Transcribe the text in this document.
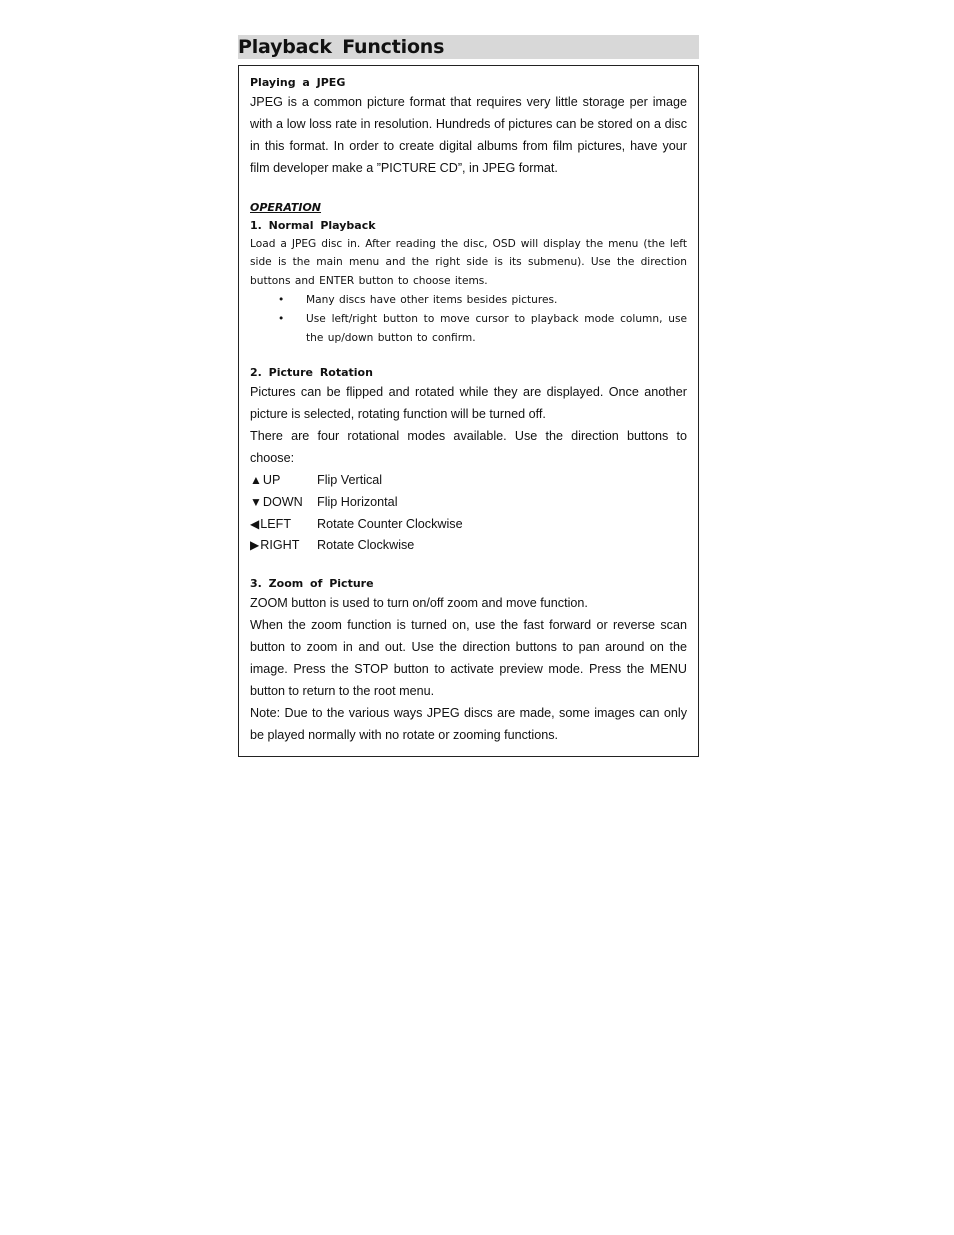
Playback Functions

Playing a JPEG

JPEG is a common picture format that requires very little storage per image with a low loss rate in resolution. Hundreds of pictures can be stored on a disc in this format. In order to create digital albums from film pictures, have your film developer make a ”PICTURE CD”, in JPEG format.

OPERATION

1. Normal Playback

Load a JPEG disc in. After reading the disc, OSD will display the menu (the left side is the main menu and the right side is its submenu). Use the direction buttons and ENTER button to choose items.

• Many discs have other items besides pictures.
• Use left/right button to move cursor to playback mode column, use the up/down button to confirm.

2. Picture Rotation

Pictures can be flipped and rotated while they are displayed. Once another picture is selected, rotating function will be turned off.

There are four rotational modes available. Use the direction buttons to choose:

▲ UP	Flip Vertical
▼ DOWN Flip Horizontal
◀ LEFT Rotate Counter Clockwise
▶ RIGHT Rotate Clockwise

3. Zoom of Picture

ZOOM button is used to turn on/off zoom and move function.

When the zoom function is turned on, use the fast forward or reverse scan button to zoom in and out. Use the direction buttons to pan around on the image. Press the STOP button to activate preview mode. Press the MENU button to return to the root menu.

Note: Due to the various ways JPEG discs are made, some images can only be played normally with no rotate or zooming functions.
